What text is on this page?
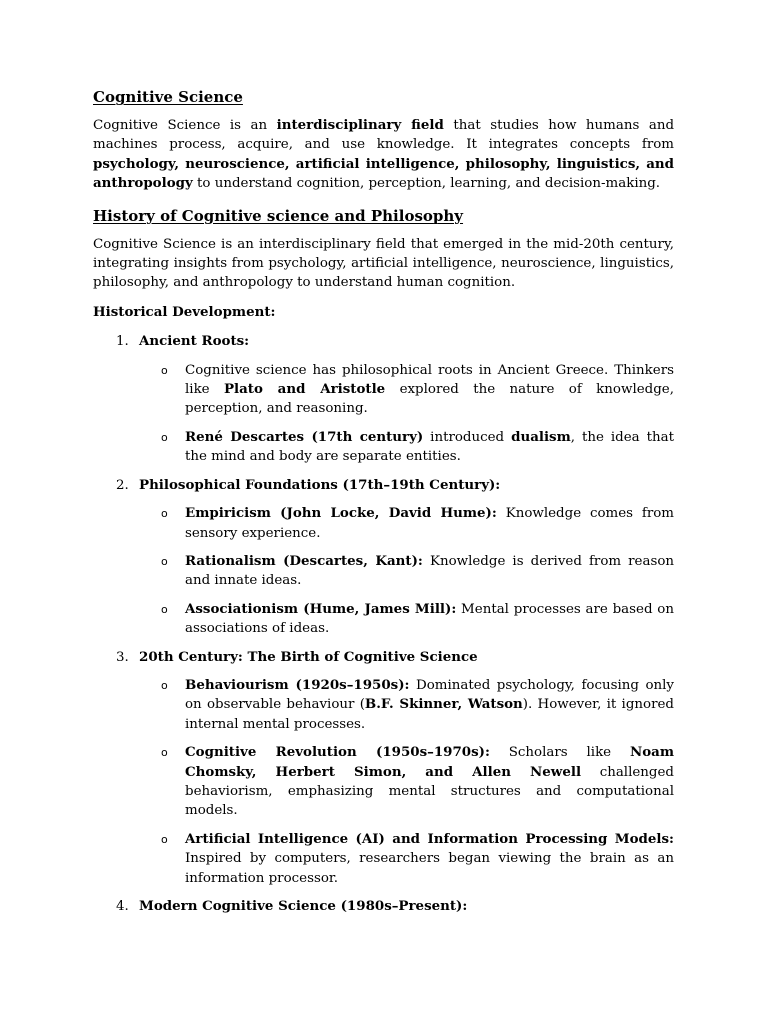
Cognitive Science

Cognitive Science is an interdisciplinary field that studies how humans and machines process, acquire, and use knowledge. It integrates concepts from psychology, neuroscience, artificial intelligence, philosophy, linguistics, and anthropology to understand cognition, perception, learning, and decision-making.

History of Cognitive science and Philosophy

Cognitive Science is an interdisciplinary field that emerged in the mid-20th century, integrating insights from psychology, artificial intelligence, neuroscience, linguistics, philosophy, and anthropology to understand human cognition.

Historical Development:

1. Ancient Roots:
o Cognitive science has philosophical roots in Ancient Greece. Thinkers like Plato and Aristotle explored the nature of knowledge, perception, and reasoning.
o René Descartes (17th century) introduced dualism, the idea that the mind and body are separate entities.
2. Philosophical Foundations (17th–19th Century):
o Empiricism (John Locke, David Hume): Knowledge comes from sensory experience.
o Rationalism (Descartes, Kant): Knowledge is derived from reason and innate ideas.
o Associationism (Hume, James Mill): Mental processes are based on associations of ideas.
3. 20th Century: The Birth of Cognitive Science
o Behaviourism (1920s–1950s): Dominated psychology, focusing only on observable behaviour (B.F. Skinner, Watson). However, it ignored internal mental processes.
o Cognitive Revolution (1950s–1970s): Scholars like Noam Chomsky, Herbert Simon, and Allen Newell challenged behaviorism, emphasizing mental structures and computational models.
o Artificial Intelligence (AI) and Information Processing Models: Inspired by computers, researchers began viewing the brain as an information processor.
4. Modern Cognitive Science (1980s–Present):
